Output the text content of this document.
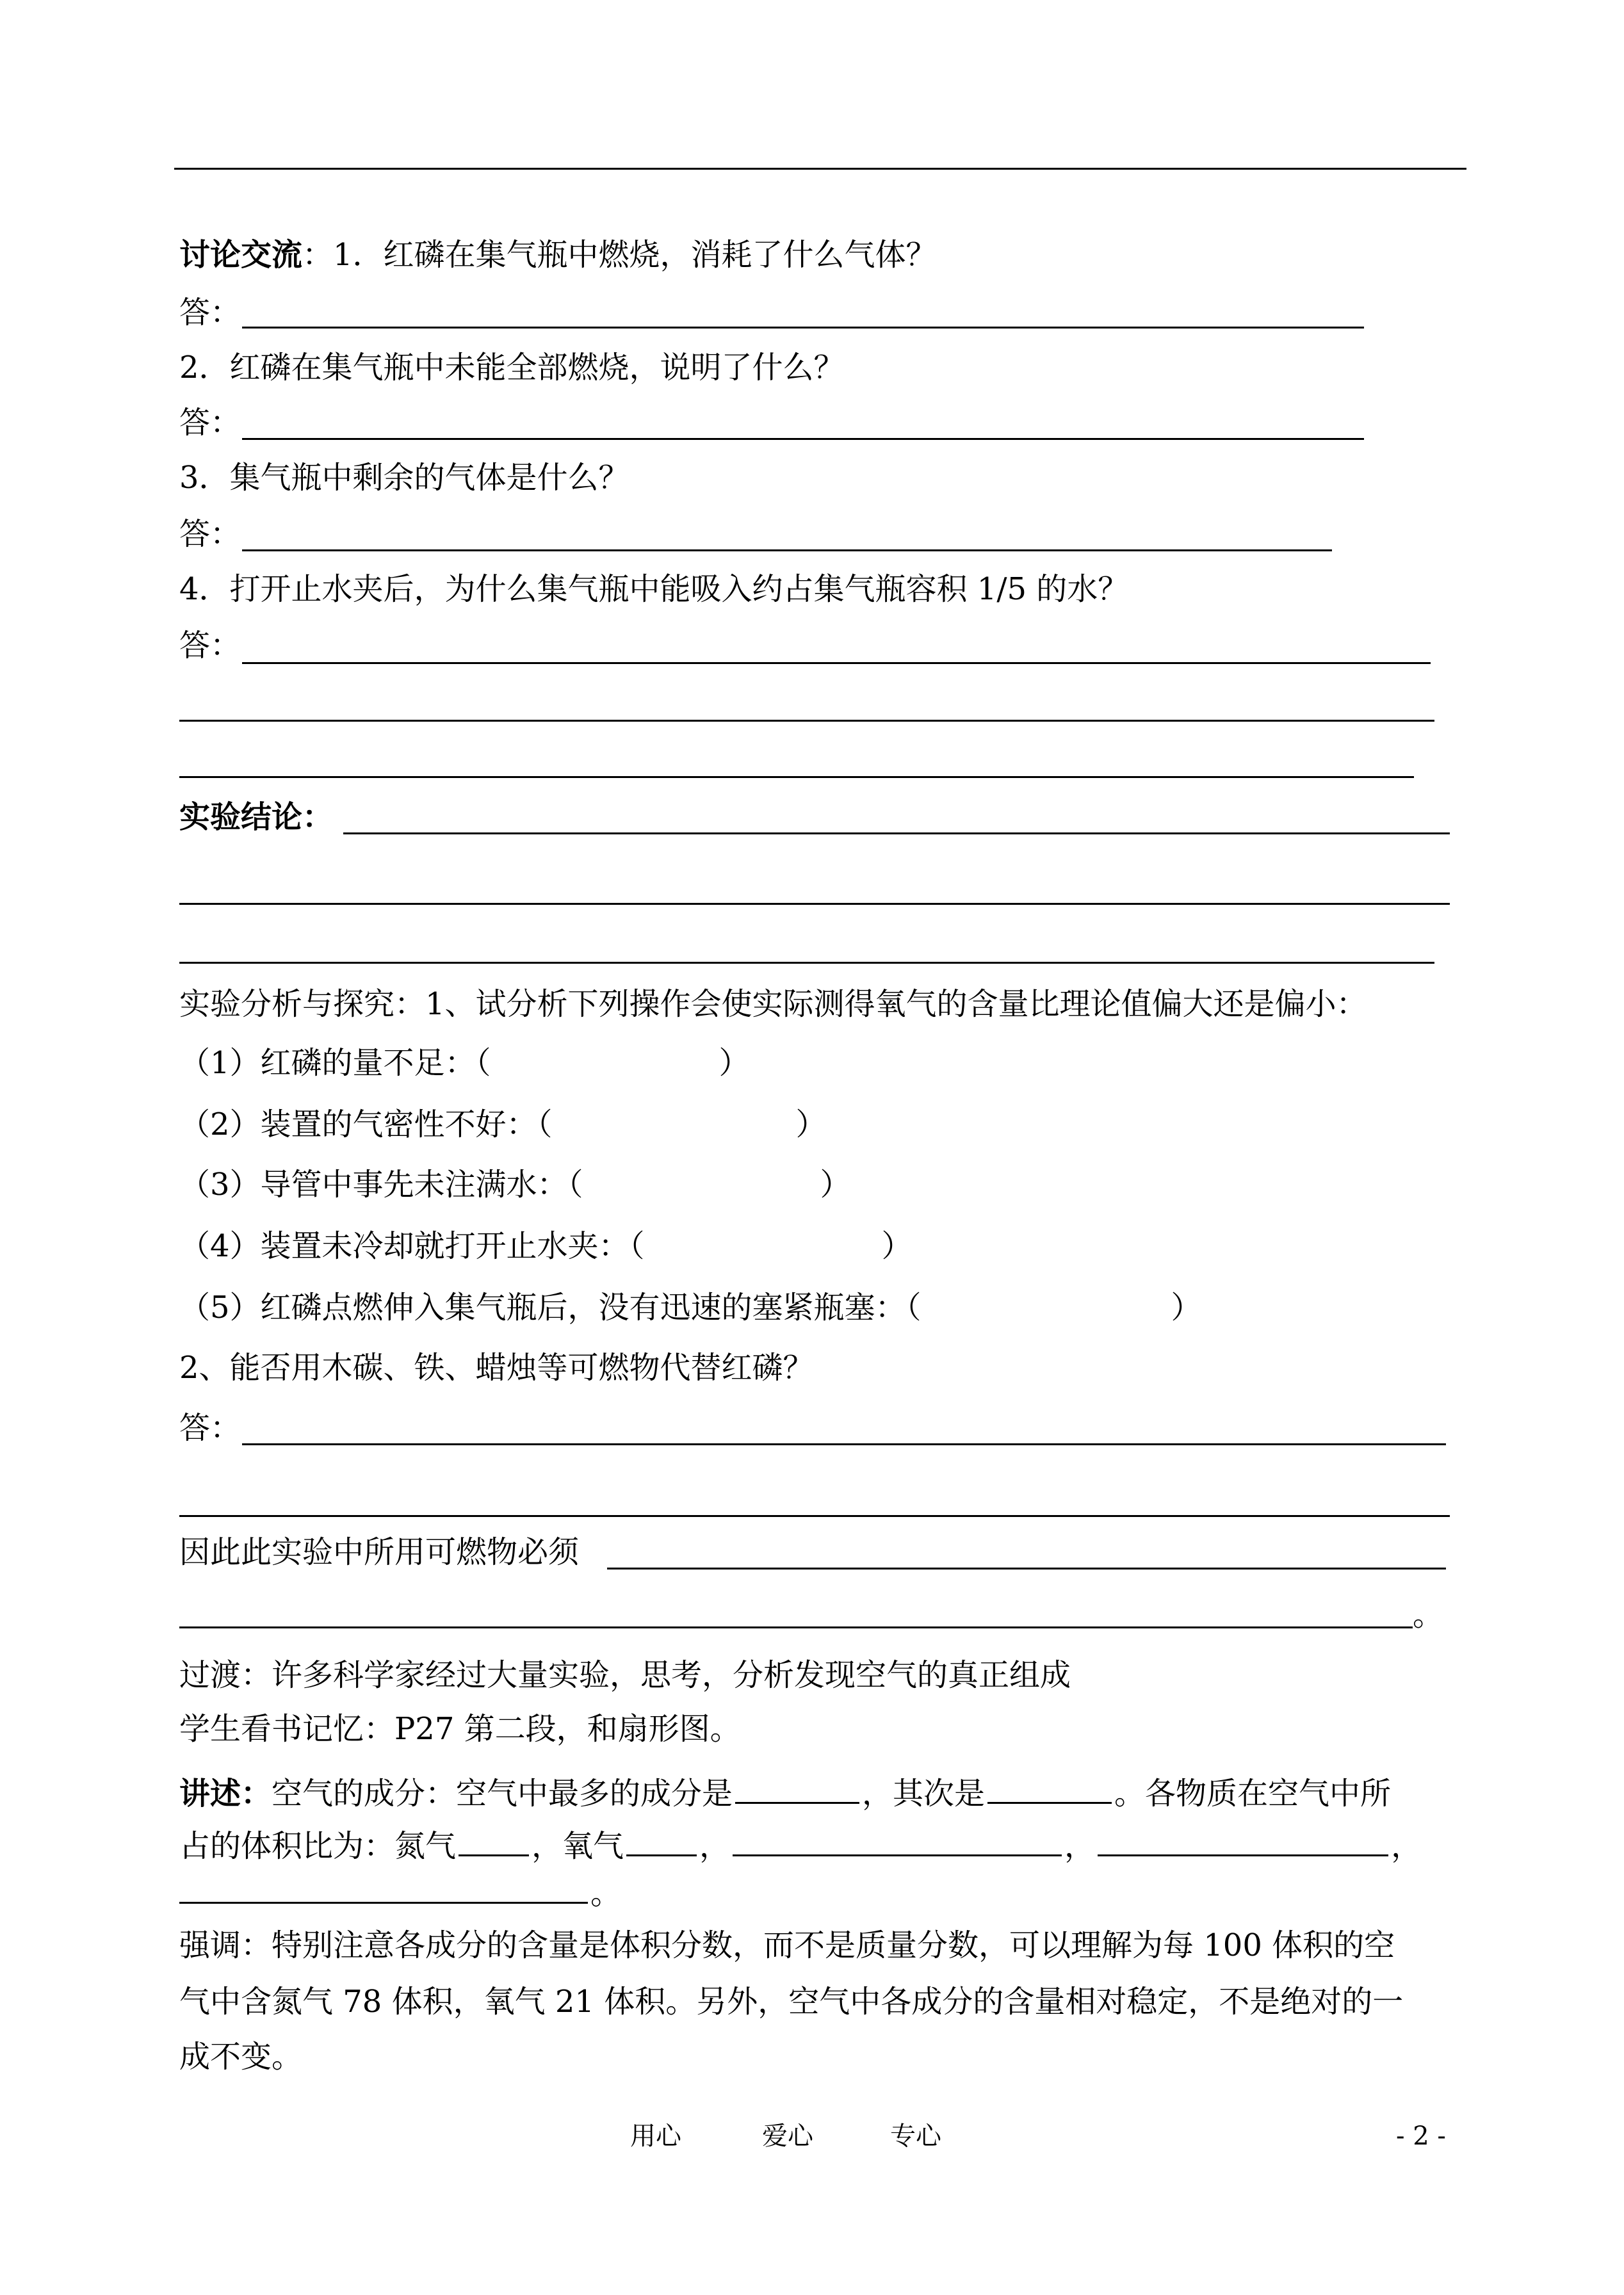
讨论交流：1．红磷在集气瓶中燃烧，消耗了什么气体？
答：
2．红磷在集气瓶中未能全部燃烧，说明了什么？
答：
3．集气瓶中剩余的气体是什么？
答：
4．打开止水夹后，为什么集气瓶中能吸入约占集气瓶容积 1/5 的水？
答：
实验结论：
实验分析与探究：1、试分析下列操作会使实际测得氧气的含量比理论值偏大还是偏小：
（1）红磷的量不足：（	）
（2）装置的气密性不好：（	）
（3）导管中事先未注满水：（	）
（4）装置未冷却就打开止水夹：（	）
（5）红磷点燃伸入集气瓶后，没有迅速的塞紧瓶塞：（	）
2、能否用木碳、铁、蜡烛等可燃物代替红磷？
答：
因此此实验中所用可燃物必须
。
过渡：许多科学家经过大量实验，思考，分析发现空气的真正组成
学生看书记忆：P27 第二段，和扇形图。
讲述：空气的成分：空气中最多的成分是	，其次是	。各物质在空气中所
占的体积比为：氮气 ，氧气 ，	，	，
。
强调：特别注意各成分的含量是体积分数，而不是质量分数，可以理解为每 100 体积的空
气中含氮气 78 体积，氧气 21 体积。另外，空气中各成分的含量相对稳定，不是绝对的一
成不变。
用心	爱心	专心	- 2 -
